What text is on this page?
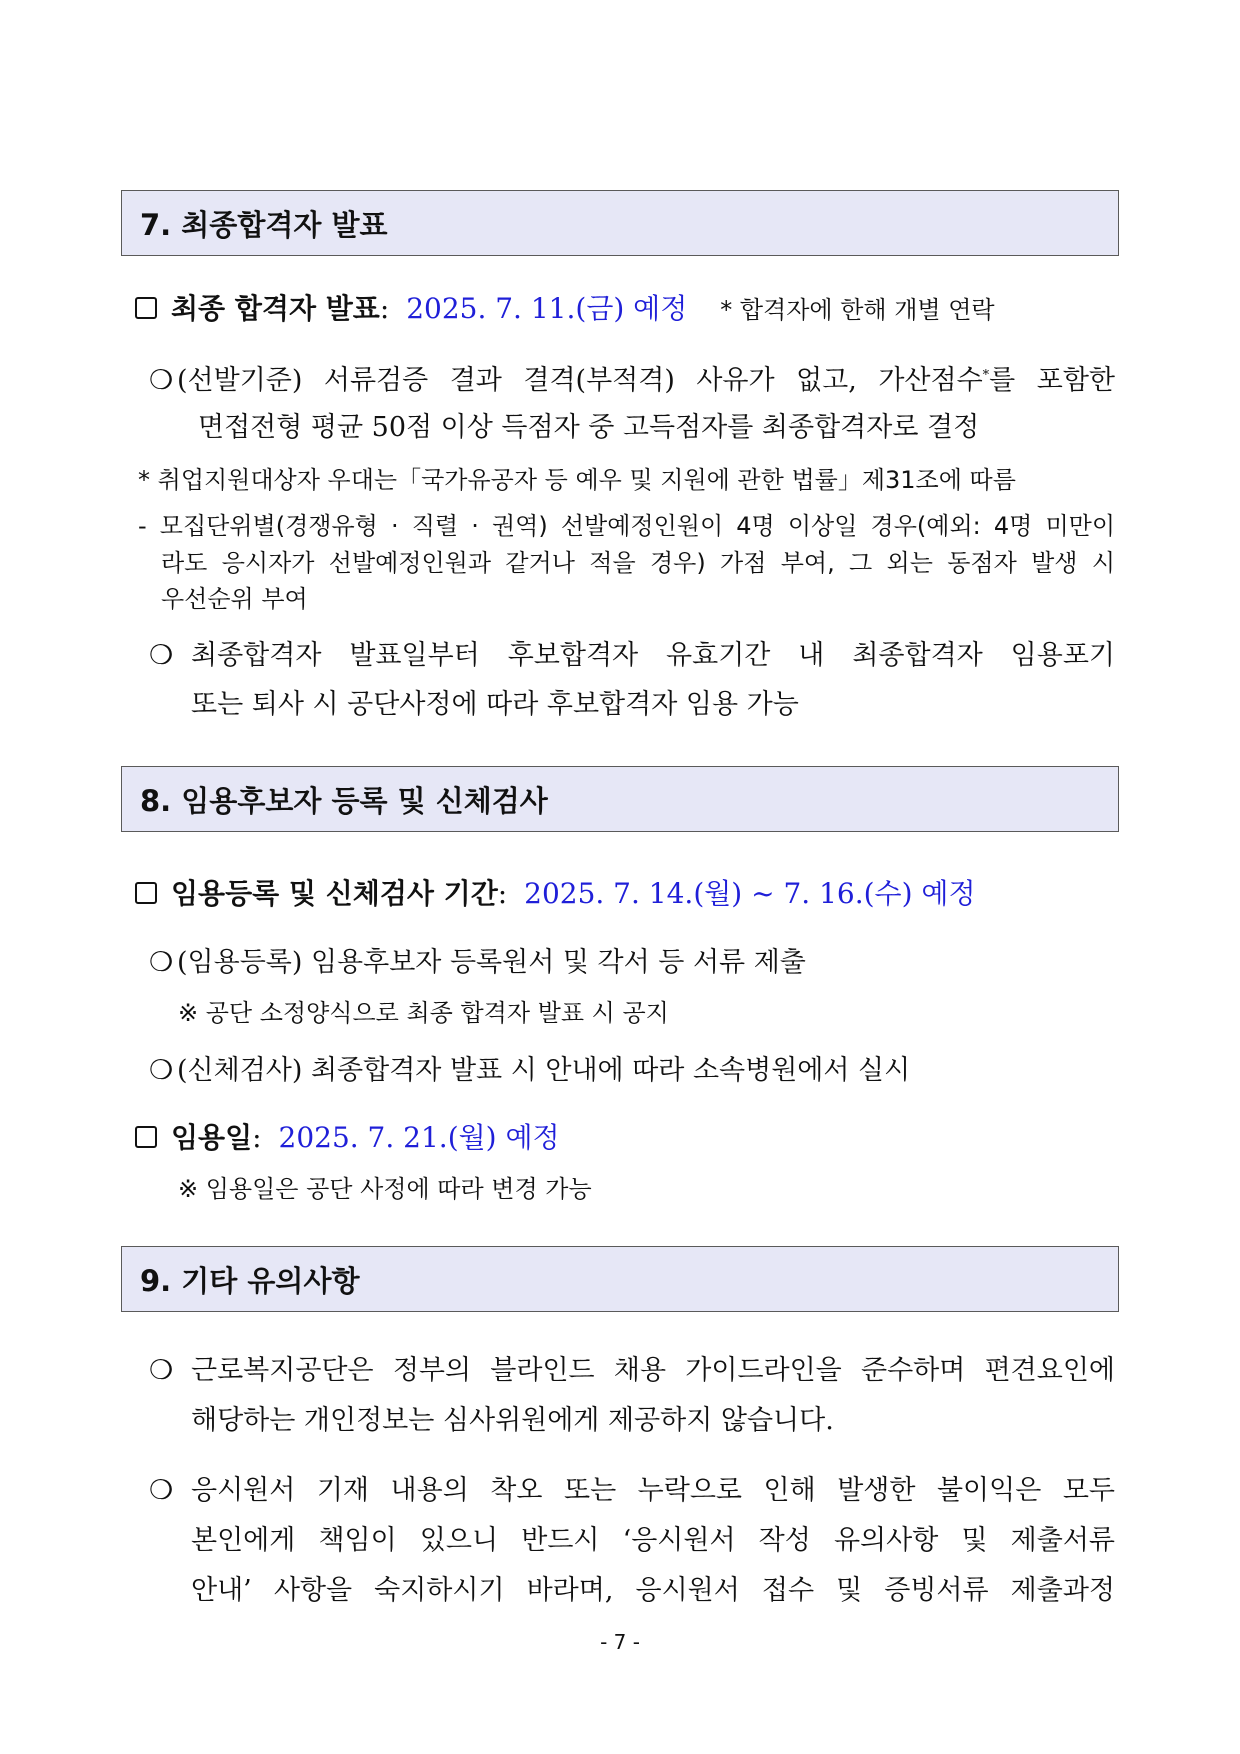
7. 최종합격자 발표
최종 합격자 발표: 2025. 7. 11.(금) 예정 * 합격자에 한해 개별 연락
❍ (선발기준) 서류검증 결과 결격(부적격) 사유가 없고, 가산점수*를 포함한
면접전형 평균 50점 이상 득점자 중 고득점자를 최종합격자로 결정
* 취업지원대상자 우대는「국가유공자 등 예우 및 지원에 관한 법률」제31조에 따름
- 모집단위별(경쟁유형 · 직렬 · 권역) 선발예정인원이 4명 이상일 경우(예외: 4명 미만이
라도 응시자가 선발예정인원과 같거나 적을 경우) 가점 부여, 그 외는 동점자 발생 시
우선순위 부여
❍ 최종합격자 발표일부터 후보합격자 유효기간 내 최종합격자 임용포기
또는 퇴사 시 공단사정에 따라 후보합격자 임용 가능
8. 임용후보자 등록 및 신체검사
임용등록 및 신체검사 기간: 2025. 7. 14.(월) ~ 7. 16.(수) 예정
❍ (임용등록) 임용후보자 등록원서 및 각서 등 서류 제출
※ 공단 소정양식으로 최종 합격자 발표 시 공지
❍ (신체검사) 최종합격자 발표 시 안내에 따라 소속병원에서 실시
임용일: 2025. 7. 21.(월) 예정
※ 임용일은 공단 사정에 따라 변경 가능
9. 기타 유의사항
❍ 근로복지공단은 정부의 블라인드 채용 가이드라인을 준수하며 편견요인에
해당하는 개인정보는 심사위원에게 제공하지 않습니다.
❍ 응시원서 기재 내용의 착오 또는 누락으로 인해 발생한 불이익은 모두
본인에게 책임이 있으니 반드시 ‘응시원서 작성 유의사항 및 제출서류
안내’ 사항을 숙지하시기 바라며, 응시원서 접수 및 증빙서류 제출과정
- 7 -
